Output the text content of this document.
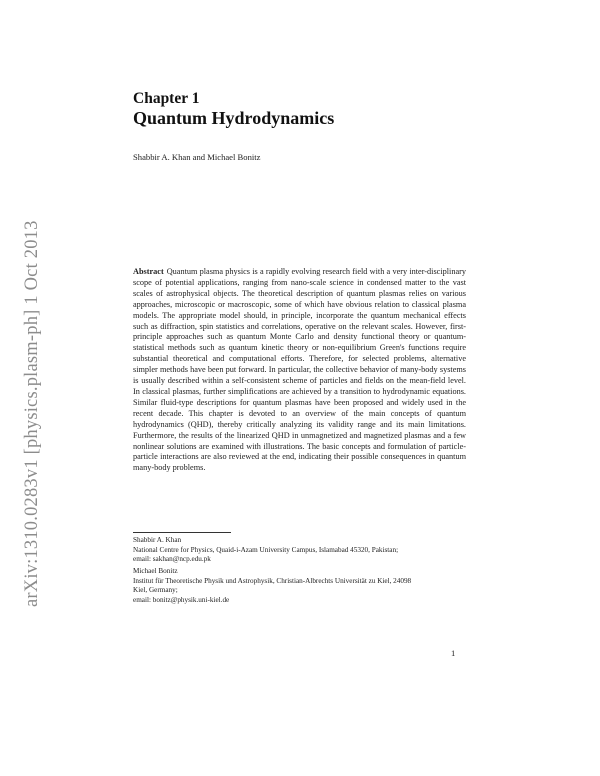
arXiv:1310.0283v1 [physics.plasm-ph] 1 Oct 2013
Chapter 1
Quantum Hydrodynamics
Shabbir A. Khan and Michael Bonitz
Abstract Quantum plasma physics is a rapidly evolving research field with a very inter-disciplinary scope of potential applications, ranging from nano-scale science in condensed matter to the vast scales of astrophysical objects. The theoretical description of quantum plasmas relies on various approaches, microscopic or macroscopic, some of which have obvious relation to classical plasma models. The appropriate model should, in principle, incorporate the quantum mechanical effects such as diffraction, spin statistics and correlations, operative on the relevant scales. However, first-principle approaches such as quantum Monte Carlo and density functional theory or quantum-statistical methods such as quantum kinetic theory or non-equilibrium Green's functions require substantial theoretical and computational efforts. Therefore, for selected problems, alternative simpler methods have been put forward. In particular, the collective behavior of many-body systems is usually described within a self-consistent scheme of particles and fields on the mean-field level. In classical plasmas, further simplifications are achieved by a transition to hydrodynamic equations. Similar fluid-type descriptions for quantum plasmas have been proposed and widely used in the recent decade. This chapter is devoted to an overview of the main concepts of quantum hydrodynamics (QHD), thereby critically analyzing its validity range and its main limitations. Furthermore, the results of the linearized QHD in unmagnetized and magnetized plasmas and a few nonlinear solutions are examined with illustrations. The basic concepts and formulation of particle-particle interactions are also reviewed at the end, indicating their possible consequences in quantum many-body problems.
Shabbir A. Khan
National Centre for Physics, Quaid-i-Azam University Campus, Islamabad 45320, Pakistan;
email: sakhan@ncp.edu.pk
Michael Bonitz
Institut für Theoretische Physik und Astrophysik, Christian-Albrechts Universität zu Kiel, 24098
Kiel, Germany;
email: bonitz@physik.uni-kiel.de
1
